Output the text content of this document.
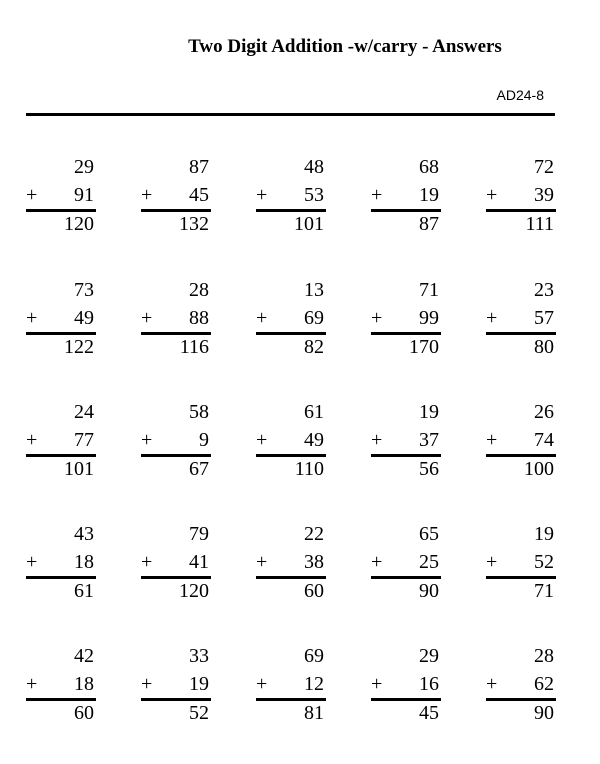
Two Digit Addition -w/carry - Answers
AD24-8
29
+ 91
120
87
+ 45
132
48
+ 53
101
68
+ 19
87
72
+ 39
111
73
+ 49
122
28
+ 88
116
13
+ 69
82
71
+ 99
170
23
+ 57
80
24
+ 77
101
58
+ 9
67
61
+ 49
110
19
+ 37
56
26
+ 74
100
43
+ 18
61
79
+ 41
120
22
+ 38
60
65
+ 25
90
19
+ 52
71
42
+ 18
60
33
+ 19
52
69
+ 12
81
29
+ 16
45
28
+ 62
90
